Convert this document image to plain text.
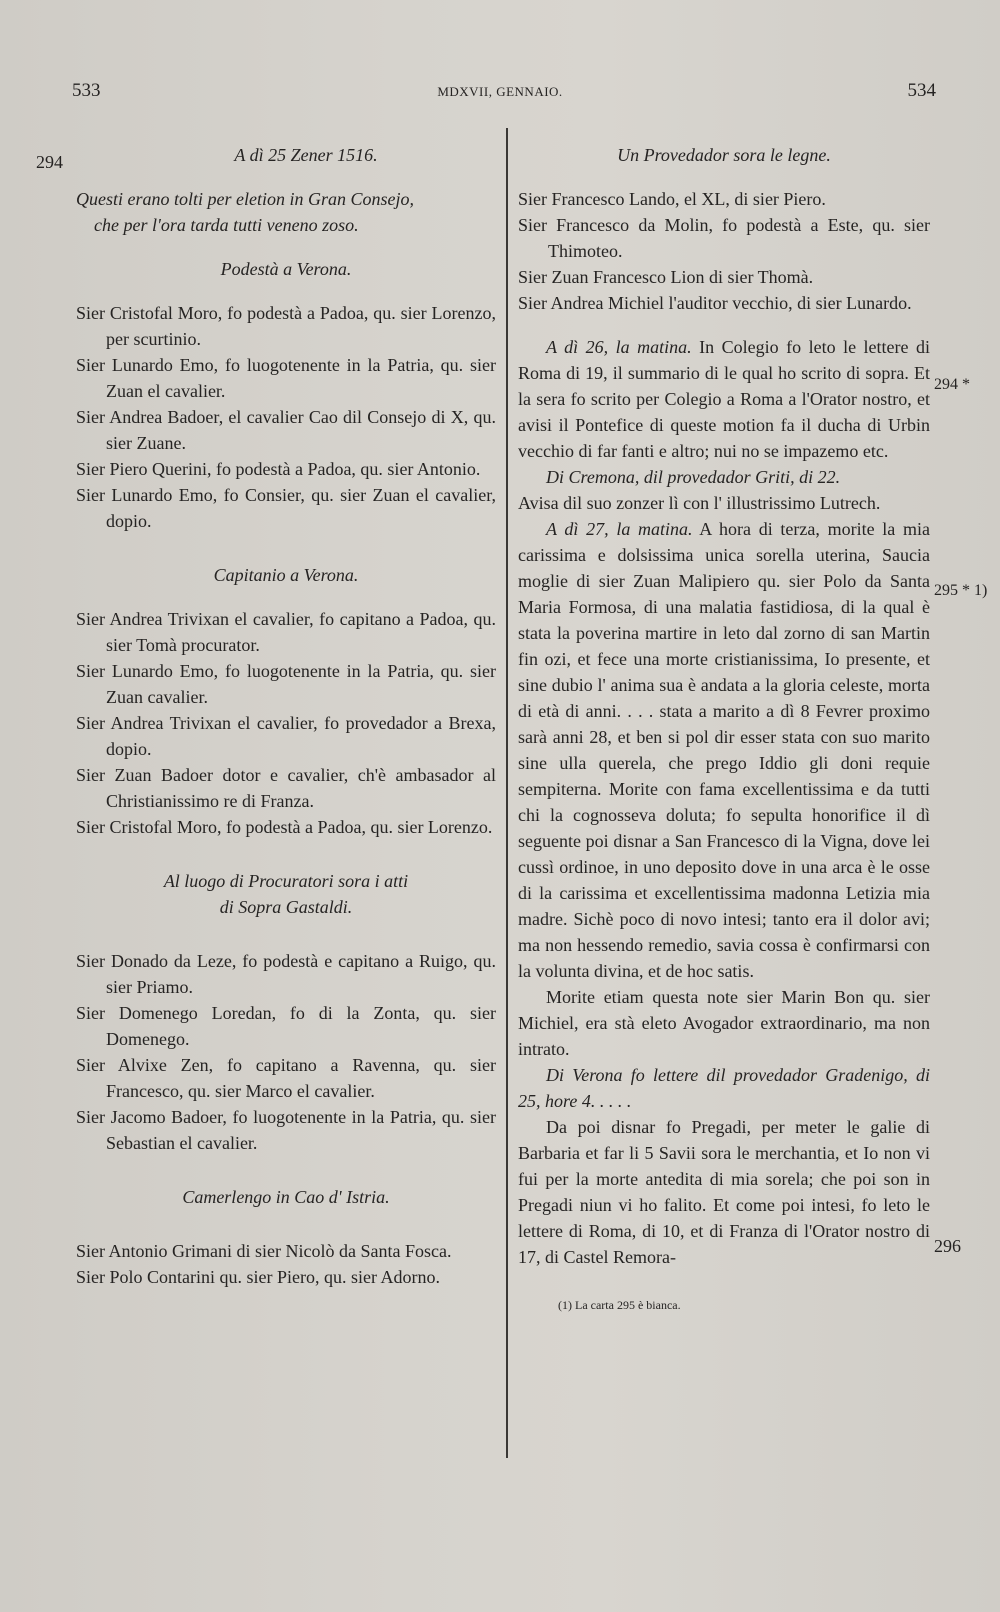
533	MDXVII, GENNAIO.	534
294
294 *
295 * 1)
296

A dì 25 Zener 1516.

Questi erano tolti per eletion in Gran Consejo,

che per l'ora tarda tutti veneno zoso.

Podestà a Verona.

Sier Cristofal Moro, fo podestà a Padoa, qu. sier Lorenzo, per scurtinio.

Sier Lunardo Emo, fo luogotenente in la Patria, qu. sier Zuan el cavalier.

Sier Andrea Badoer, el cavalier Cao dil Consejo di X, qu. sier Zuane.

Sier Piero Querini, fo podestà a Padoa, qu. sier Antonio.

Sier Lunardo Emo, fo Consier, qu. sier Zuan el cavalier, dopio.

Capitanio a Verona.

Sier Andrea Trivixan el cavalier, fo capitano a Padoa, qu. sier Tomà procurator.

Sier Lunardo Emo, fo luogotenente in la Patria, qu. sier Zuan cavalier.

Sier Andrea Trivixan el cavalier, fo provedador a Brexa, dopio.

Sier Zuan Badoer dotor e cavalier, ch'è ambasador al Christianissimo re di Franza.

Sier Cristofal Moro, fo podestà a Padoa, qu. sier Lorenzo.

Al luogo di Procuratori sora i atti

di Sopra Gastaldi.

Sier Donado da Leze, fo podestà e capitano a Ruigo, qu. sier Priamo.

Sier Domenego Loredan, fo di la Zonta, qu. sier Domenego.

Sier Alvixe Zen, fo capitano a Ravenna, qu. sier Francesco, qu. sier Marco el cavalier.

Sier Jacomo Badoer, fo luogotenente in la Patria, qu. sier Sebastian el cavalier.

Camerlengo in Cao d' Istria.

Sier Antonio Grimani di sier Nicolò da Santa Fosca.

Sier Polo Contarini qu. sier Piero, qu. sier Adorno.

Un Provedador sora le legne.

Sier Francesco Lando, el XL, di sier Piero.

Sier Francesco da Molin, fo podestà a Este, qu. sier Thimoteo.

Sier Zuan Francesco Lion di sier Thomà.

Sier Andrea Michiel l'auditor vecchio, di sier Lunardo.

A dì 26, la matina. In Colegio fo leto le lettere di Roma di 19, il summario di le qual ho scrito di sopra. Et la sera fo scrito per Colegio a Roma a l'Orator nostro, et avisi il Pontefice di queste motion fa il ducha di Urbin vecchio di far fanti e altro; nui no se impazemo etc.

Di Cremona, dil provedador Griti, di 22.

Avisa dil suo zonzer lì con l' illustrissimo Lutrech.

A dì 27, la matina. A hora di terza, morite la mia carissima e dolsissima unica sorella uterina, Saucia moglie di sier Zuan Malipiero qu. sier Polo da Santa Maria Formosa, di una malatia fastidiosa, di la qual è stata la poverina martire in leto dal zorno di san Martin fin ozi, et fece una morte cristianissima, Io presente, et sine dubio l' anima sua è andata a la gloria celeste, morta di età di anni. . . . stata a marito a dì 8 Fevrer proximo sarà anni 28, et ben si pol dir esser stata con suo marito sine ulla querela, che prego Iddio gli doni requie sempiterna. Morite con fama excellentissima e da tutti chi la cognosseva doluta; fo sepulta honorifice il dì seguente poi disnar a San Francesco di la Vigna, dove lei cussì ordinoe, in uno deposito dove in una arca è le osse di la carissima et excellentissima madonna Letizia mia madre. Sichè poco di novo intesi; tanto era il dolor avi; ma non hessendo remedio, savia cossa è confirmarsi con la volunta divina, et de hoc satis.

Morite etiam questa note sier Marin Bon qu. sier Michiel, era stà eleto Avogador extraordinario, ma non intrato.

Di Verona fo lettere dil provedador Gradenigo, di 25, hore 4. . . . .

Da poi disnar fo Pregadi, per meter le galie di Barbaria et far li 5 Savii sora le merchantia, et Io non vi fui per la morte antedita di mia sorela; che poi son in Pregadi niun vi ho falito. Et come poi intesi, fo leto le lettere di Roma, di 10, et di Franza di l'Orator nostro di 17, di Castel Remora-

(1) La carta 295 è bianca.
